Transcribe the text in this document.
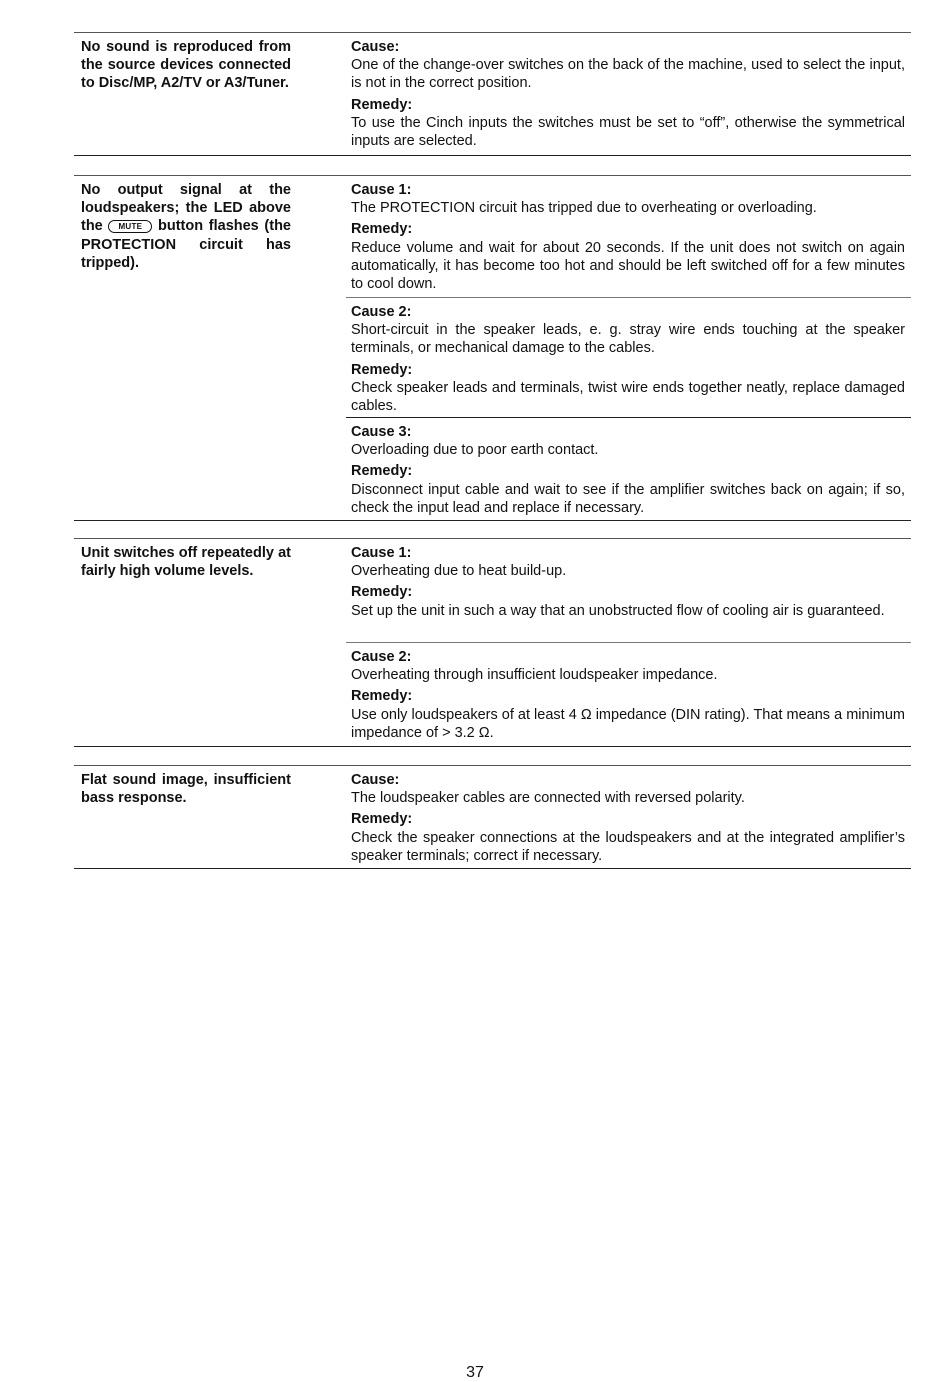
No sound is reproduced from the source devices connected to Disc/MP, A2/TV or A3/Tuner.
Cause:
One of the change-over switches on the back of the machine, used to select the input, is not in the correct position.
Remedy:
To use the Cinch inputs the switches must be set to “off”, otherwise the symmetrical inputs are selected.
No output signal at the loudspeakers; the LED above the MUTE button flashes (the PROTECTION circuit has tripped).
Cause 1:
The PROTECTION circuit has tripped due to overheating or overloading.
Remedy:
Reduce volume and wait for about 20 seconds. If the unit does not switch on again automatically, it has become too hot and should be left switched off for a few minutes to cool down.
Cause 2:
Short-circuit in the speaker leads, e. g. stray wire ends touching at the speaker terminals, or mechanical damage to the cables.
Remedy:
Check speaker leads and terminals, twist wire ends together neatly, replace damaged cables.
Cause 3:
Overloading due to poor earth contact.
Remedy:
Disconnect input cable and wait to see if the amplifier switches back on again; if so, check the input lead and replace if necessary.
Unit switches off repeatedly at fairly high volume levels.
Cause 1:
Overheating due to heat build-up.
Remedy:
Set up the unit in such a way that an unobstructed flow of cooling air is guaranteed.
Cause 2:
Overheating through insufficient loudspeaker impedance.
Remedy:
Use only loudspeakers of at least 4 Ω impedance (DIN rating). That means a minimum impedance of > 3.2 Ω.
Flat sound image, insufficient bass response.
Cause:
The loudspeaker cables are connected with reversed polarity.
Remedy:
Check the speaker connections at the loudspeakers and at the integrated amplifier’s speaker terminals; correct if necessary.
37
